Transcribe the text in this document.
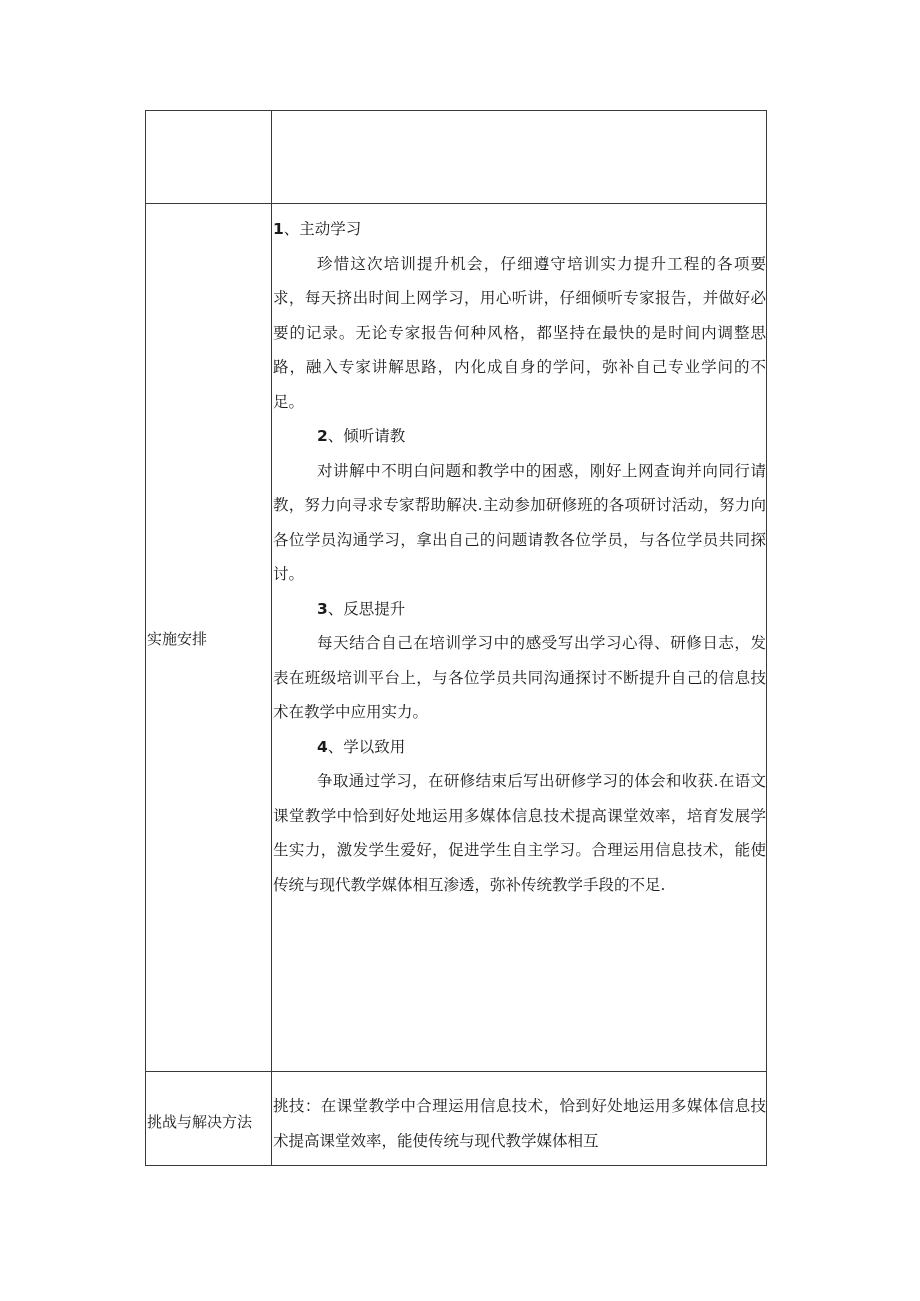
实施安排

1、主动学习

珍惜这次培训提升机会，仔细遵守培训实力提升工程的各项要求，每天挤出时间上网学习，用心听讲，仔细倾听专家报告，并做好必要的记录。无论专家报告何种风格，都坚持在最快的是时间内调整思路，融入专家讲解思路，内化成自身的学问，弥补自己专业学问的不足。

2、倾听请教

对讲解中不明白问题和教学中的困惑，刚好上网查询并向同行请教，努力向寻求专家帮助解决.主动参加研修班的各项研讨活动，努力向各位学员沟通学习，拿出自己的问题请教各位学员，与各位学员共同探讨。

3、反思提升

每天结合自己在培训学习中的感受写出学习心得、研修日志，发表在班级培训平台上，与各位学员共同沟通探讨不断提升自己的信息技术在教学中应用实力。

4、学以致用

争取通过学习，在研修结束后写出研修学习的体会和收获.在语文课堂教学中恰到好处地运用多媒体信息技术提高课堂效率，培育发展学生实力，激发学生爱好，促进学生自主学习。合理运用信息技术，能使传统与现代教学媒体相互渗透，弥补传统教学手段的不足.

挑战与解决方法

挑技：在课堂教学中合理运用信息技术，恰到好处地运用多媒体信息技术提高课堂效率，能使传统与现代教学媒体相互
